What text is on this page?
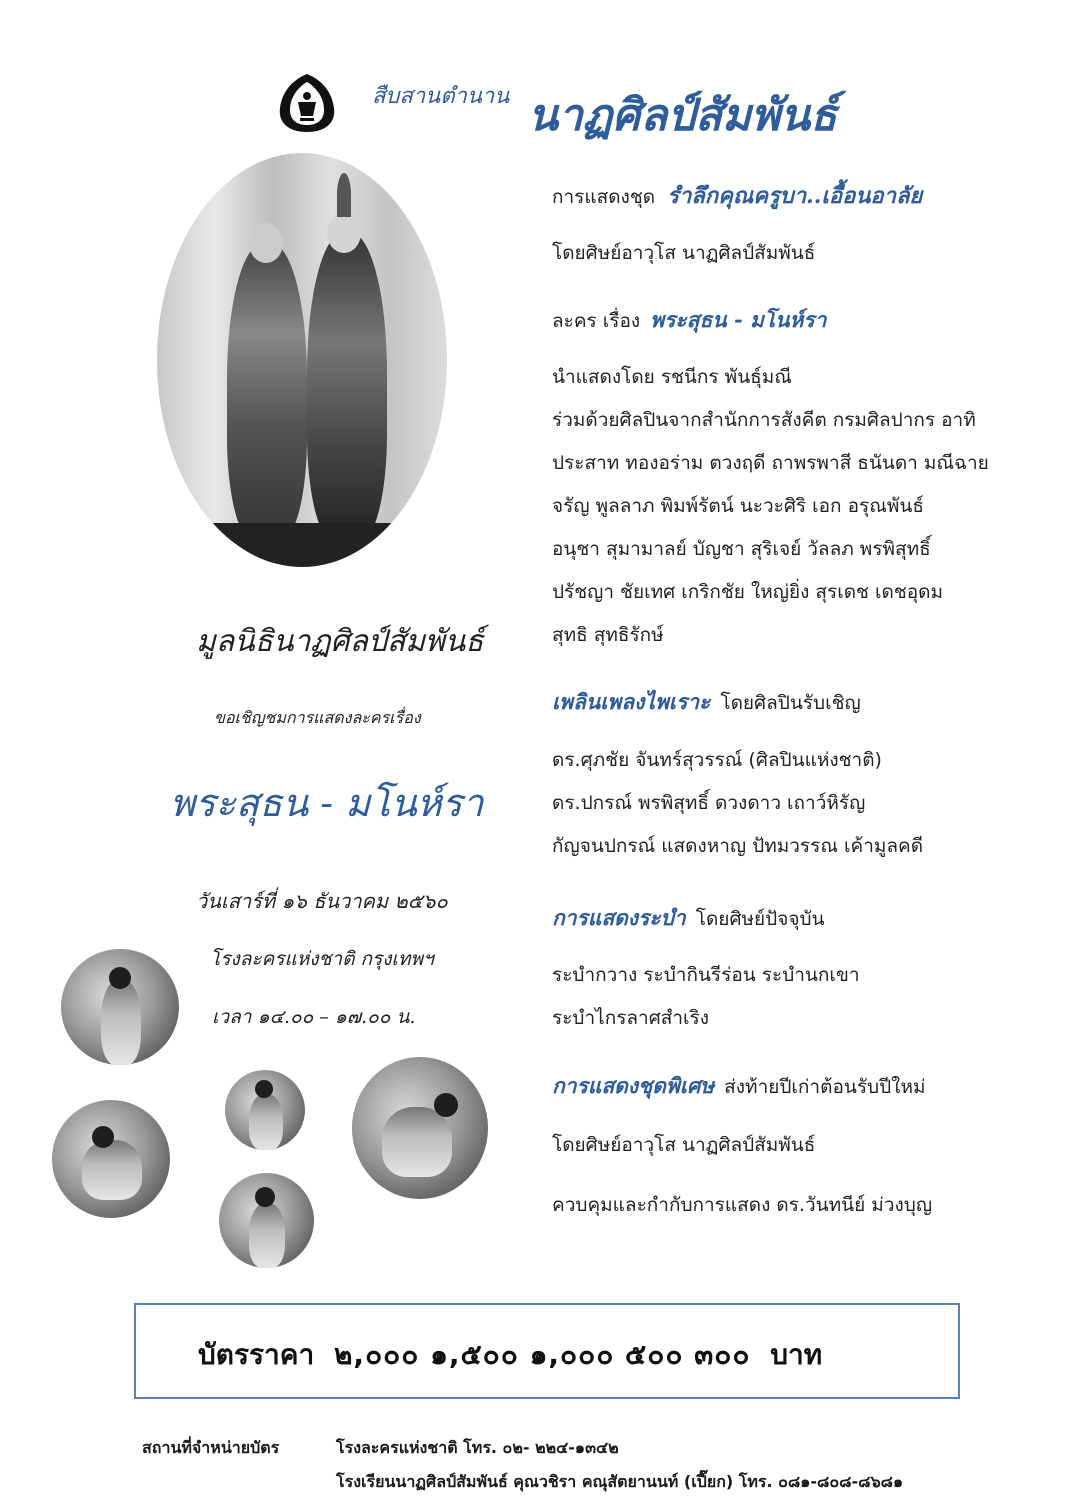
สืบสานตำนาน นาฏศิลป์สัมพันธ์
มูลนิธินาฏศิลป์สัมพันธ์
ขอเชิญชมการแสดงละครเรื่อง
พระสุธน - มโนห์รา
วันเสาร์ที่ ๑๖ ธันวาคม ๒๕๖๐
โรงละครแห่งชาติ กรุงเทพฯ
เวลา ๑๔.๐๐ – ๑๗.๐๐ น.
การแสดงชุด รำลึกคุณครูบา..เอื้อนอาลัย
โดยศิษย์อาวุโส นาฏศิลป์สัมพันธ์
ละคร เรื่อง พระสุธน - มโนห์รา
นำแสดงโดย รชนีกร พันธุ์มณี
ร่วมด้วยศิลปินจากสำนักการสังคีต กรมศิลปากร อาทิ
ประสาท ทองอร่าม ตวงฤดี ถาพรพาสี ธนันดา มณีฉาย
จรัญ พูลลาภ พิมพ์รัตน์ นะวะศิริ เอก อรุณพันธ์
อนุชา สุมามาลย์ บัญชา สุริเจย์ วัลลภ พรพิสุทธิ์
ปรัชญา ชัยเทศ เกริกชัย ใหญ่ยิ่ง สุรเดช เดชอุดม
สุทธิ สุทธิรักษ์
เพลินเพลงไพเราะ โดยศิลปินรับเชิญ
ดร.ศุภชัย จันทร์สุวรรณ์ (ศิลปินแห่งชาติ)
ดร.ปกรณ์ พรพิสุทธิ์ ดวงดาว เถาว์หิรัญ
กัญจนปกรณ์ แสดงหาญ ปัทมวรรณ เค้ามูลคดี
การแสดงระบำ โดยศิษย์ปัจจุบัน
ระบำกวาง ระบำกินรีร่อน ระบำนกเขา
ระบำไกรลาศสำเริง
การแสดงชุดพิเศษ ส่งท้ายปีเก่าต้อนรับปีใหม่
โดยศิษย์อาวุโส นาฏศิลป์สัมพันธ์
ควบคุมและกำกับการแสดง ดร.วันทนีย์ ม่วงบุญ
บัตรราคา ๒,๐๐๐ ๑,๕๐๐ ๑,๐๐๐ ๕๐๐ ๓๐๐ บาท
สถานที่จำหน่ายบัตร	โรงละครแห่งชาติ โทร. ๐๒- ๒๒๔-๑๓๔๒
โรงเรียนนาฏศิลป์สัมพันธ์ คุณวชิรา คณุสัตยานนท์ (เปี๊ยก) โทร. ๐๘๑-๘๐๘-๘๖๘๑
